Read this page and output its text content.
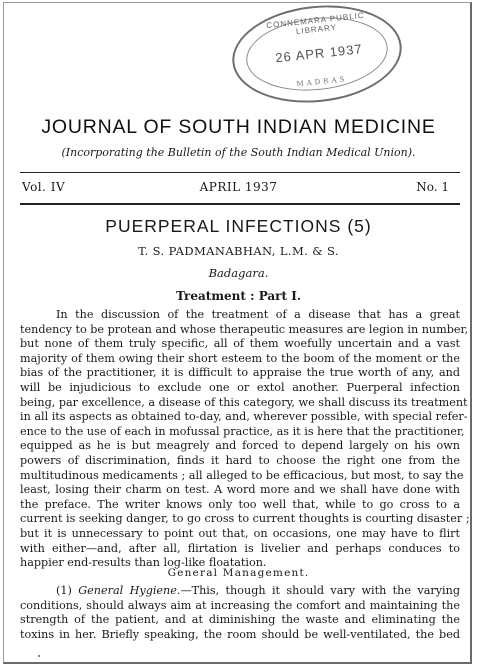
CONNEMARA PUBLIC LIBRARY
26 APR 1937
MADRAS
JOURNAL OF SOUTH INDIAN MEDICINE
(Incorporating the Bulletin of the South Indian Medical Union).
Vol. IV	APRIL 1937	No. 1
PUERPERAL INFECTIONS (5)
T. S. PADMANABHAN, L.M. & S.
Badagara.
Treatment : Part I.
In the discussion of the treatment of a disease that has a great
tendency to be protean and whose therapeutic measures are legion in number,
but none of them truly specific, all of them woefully uncertain and a vast
majority of them owing their short esteem to the boom of the moment or the
bias of the practitioner, it is difficult to appraise the true worth of any, and
will be injudicious to exclude one or extol another. Puerperal infection
being, par excellence, a disease of this category, we shall discuss its treatment
in all its aspects as obtained to-day, and, wherever possible, with special refer-
ence to the use of each in mofussal practice, as it is here that the practitioner,
equipped as he is but meagrely and forced to depend largely on his own
powers of discrimination, finds it hard to choose the right one from the
multitudinous medicaments ; all alleged to be efficacious, but most, to say the
least, losing their charm on test. A word more and we shall have done with
the preface. The writer knows only too well that, while to go cross to a
current is seeking danger, to go cross to current thoughts is courting disaster ;
but it is unnecessary to point out that, on occasions, one may have to flirt
with either—and, after all, flirtation is livelier and perhaps conduces to
happier end-results than log-like floatation.
General Management.
(1) General Hygiene.—This, though it should vary with the varying
conditions, should always aim at increasing the comfort and maintaining the
strength of the patient, and at diminishing the waste and eliminating the
toxins in her. Briefly speaking, the room should be well-ventilated, the bed
